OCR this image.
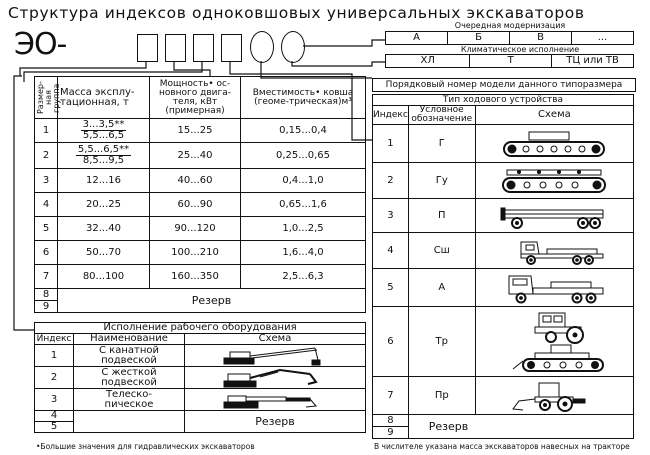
Структура индексов одноковшовых универсальных экскаваторов
ЭО-
Очередная модернизация
А	Б	В	...
Климатическое исполнение
ХЛ	Т	ТЦ или ТВ
Размер-ная группа	Масса эксплу-тационная, т	Мощность• ос-новного двига-теля, кВт (примерная)	Вместимость• ковша (геоме-трическая)м³
1	$\frac{3...3,5**}{5,5...6,5}$	15...25	0,15...0,4
2	$\frac{5,5...6,5**}{8,5...9,5}$	25...40	0,25...0,65
3	12...16	40...60	0,4...1,0
4	20...25	60...90	0,65...1,6
5	32...40	90...120	1,0...2,5
6	50...70	100...210	1,6...4,0
7	80...100	160...350	2,5...6,3
8	Резерв		
9			
Исполнение рабочего оборудования		
Индекс	Наименование	Схема
1	С канатной подвеской	

2	С жесткой подвеской	

3	Телеско-пическое	

4		Резерв
5		
Порядковый номер модели данного типоразмера
Тип ходового устройства		
Индекс	Условное обозначение	Схема
1	Г	

2	Гу	

3	П	

4	Сш	

5	А	

6	Тр	

7	Пр	

8	Резерв	
9		
•Большие значения для гидравлических экскаваторов	В числителе указана масса экскаваторов навесных на тракторе
